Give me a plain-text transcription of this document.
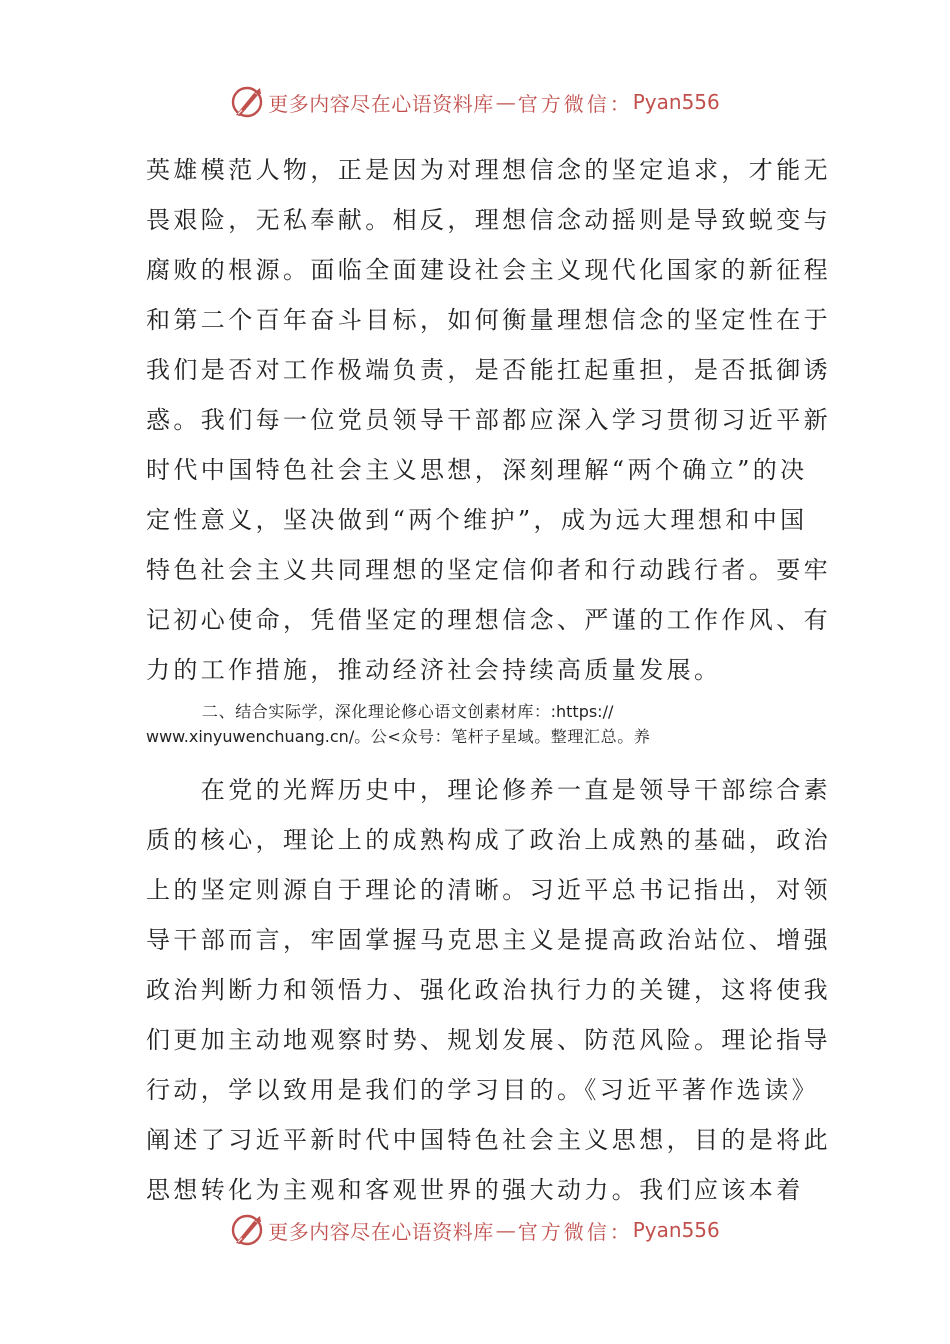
更多内容尽在心语资料库 — 官方微信： Pyan556
英雄模范人物，正是因为对理想信念的坚定追求，才能无
畏艰险，无私奉献。相反，理想信念动摇则是导致蜕变与
腐败的根源。面临全面建设社会主义现代化国家的新征程
和第二个百年奋斗目标，如何衡量理想信念的坚定性在于
我们是否对工作极端负责，是否能扛起重担，是否抵御诱
惑。我们每一位党员领导干部都应深入学习贯彻习近平新
时代中国特色社会主义思想，深刻理解“两个确立”的决
定性意义，坚决做到“两个维护”，成为远大理想和中国
特色社会主义共同理想的坚定信仰者和行动践行者。要牢
记初心使命，凭借坚定的理想信念、严谨的工作作风、有
力的工作措施，推动经济社会持续高质量发展。
二、结合实际学，深化理论修心语文创素材库：:https://
www.xinyuwenchuang.cn/。公<众号：笔杆子星域。整理汇总。养
　　在党的光辉历史中，理论修养一直是领导干部综合素
质的核心，理论上的成熟构成了政治上成熟的基础，政治
上的坚定则源自于理论的清晰。习近平总书记指出，对领
导干部而言，牢固掌握马克思主义是提高政治站位、增强
政治判断力和领悟力、强化政治执行力的关键，这将使我
们更加主动地观察时势、规划发展、防范风险。理论指导
行动，学以致用是我们的学习目的。《习近平著作选读》
阐述了习近平新时代中国特色社会主义思想，目的是将此
思想转化为主观和客观世界的强大动力。我们应该本着
更多内容尽在心语资料库 — 官方微信： Pyan556
